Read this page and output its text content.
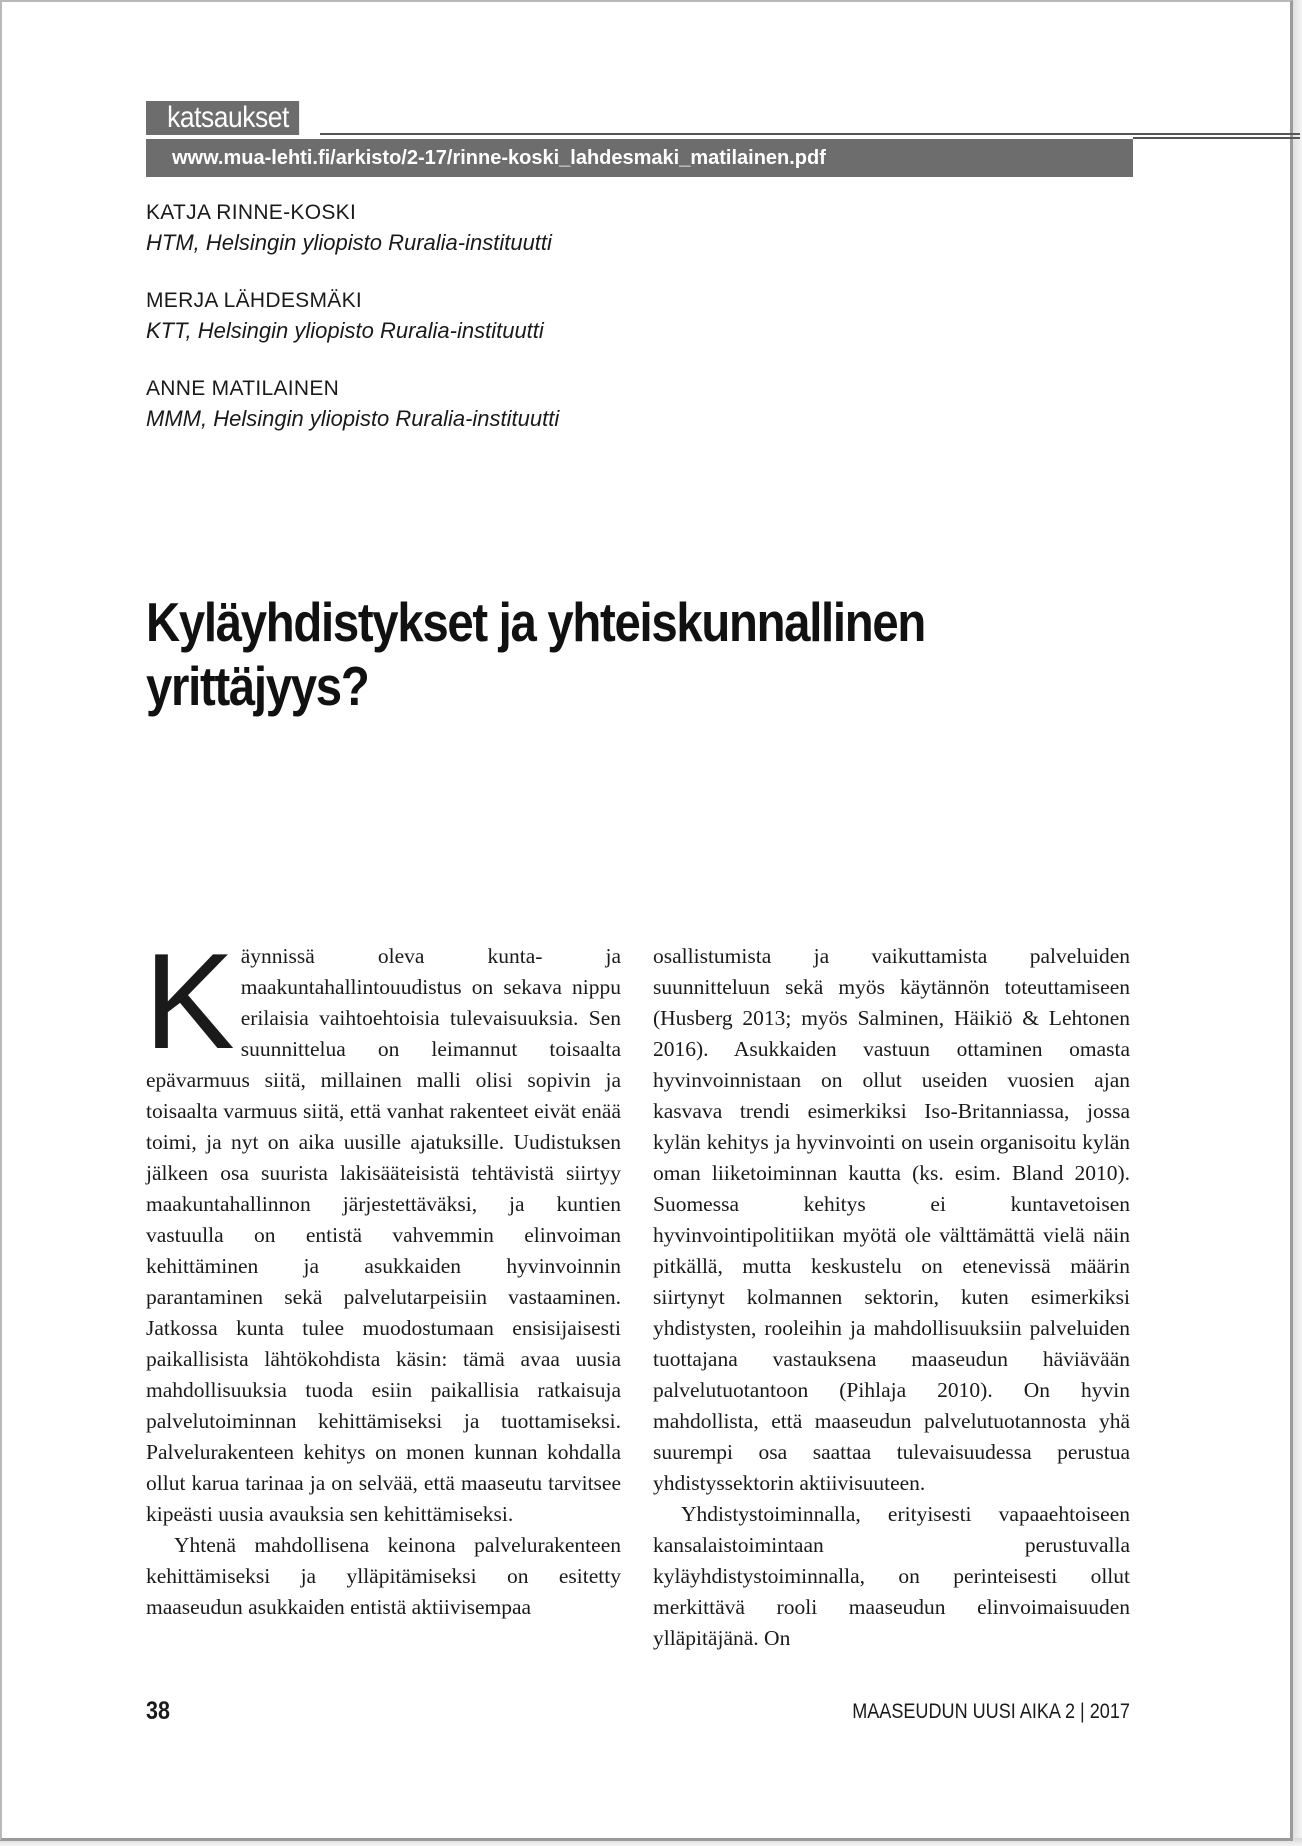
katsaukset
www.mua-lehti.fi/arkisto/2-17/rinne-koski_lahdesmaki_matilainen.pdf
KATJA RINNE-KOSKI
HTM, Helsingin yliopisto Ruralia-instituutti
MERJA LÄHDESMÄKI
KTT, Helsingin yliopisto Ruralia-instituutti
ANNE MATILAINEN
MMM, Helsingin yliopisto Ruralia-instituutti
Kyläyhdistykset ja yhteiskunnallinen
yrittäjyys?

Käynnissä oleva kunta- ja maakuntahallintouudistus on sekava nippu erilaisia vaihtoehtoisia tulevaisuuksia. Sen suunnittelua on leimannut toisaalta epävarmuus siitä, millainen malli olisi sopivin ja toisaalta varmuus siitä, että vanhat rakenteet eivät enää toimi, ja nyt on aika uusille ajatuksille. Uudistuksen jälkeen osa suurista lakisääteisistä tehtävistä siirtyy maakuntahallinnon järjestettäväksi, ja kuntien vastuulla on entistä vahvemmin elinvoiman kehittäminen ja asukkaiden hyvinvoinnin parantaminen sekä palvelutarpeisiin vastaaminen. Jatkossa kunta tulee muodostumaan ensisijaisesti paikallisista lähtökohdista käsin: tämä avaa uusia mahdollisuuksia tuoda esiin paikallisia ratkaisuja palvelutoiminnan kehittämiseksi ja tuottamiseksi. Palvelurakenteen kehitys on monen kunnan kohdalla ollut karua tarinaa ja on selvää, että maaseutu tarvitsee kipeästi uusia avauksia sen kehittämiseksi.

Yhtenä mahdollisena keinona palvelurakenteen kehittämiseksi ja ylläpitämiseksi on esitetty maaseudun asukkaiden entistä aktiivisempaa

osallistumista ja vaikuttamista palveluiden suunnitteluun sekä myös käytännön toteuttamiseen (Husberg 2013; myös Salminen, Häikiö & Lehtonen 2016). Asukkaiden vastuun ottaminen omasta hyvinvoinnistaan on ollut useiden vuosien ajan kasvava trendi esimerkiksi Iso-Britanniassa, jossa kylän kehitys ja hyvinvointi on usein organisoitu kylän oman liiketoiminnan kautta (ks. esim. Bland 2010). Suomessa kehitys ei kuntavetoisen hyvinvointipolitiikan myötä ole välttämättä vielä näin pitkällä, mutta keskustelu on etenevissä määrin siirtynyt kolmannen sektorin, kuten esimerkiksi yhdistysten, rooleihin ja mahdollisuuksiin palveluiden tuottajana vastauksena maaseudun häviävään palvelutuotantoon (Pihlaja 2010). On hyvin mahdollista, että maaseudun palvelutuotannosta yhä suurempi osa saattaa tulevaisuudessa perustua yhdistyssektorin aktiivisuuteen.

Yhdistystoiminnalla, erityisesti vapaaehtoiseen kansalaistoimintaan perustuvalla kyläyhdistystoiminnalla, on perinteisesti ollut merkittävä rooli maaseudun elinvoimaisuuden ylläpitäjänä. On

38	MAASEUDUN UUSI AIKA 2 | 2017
